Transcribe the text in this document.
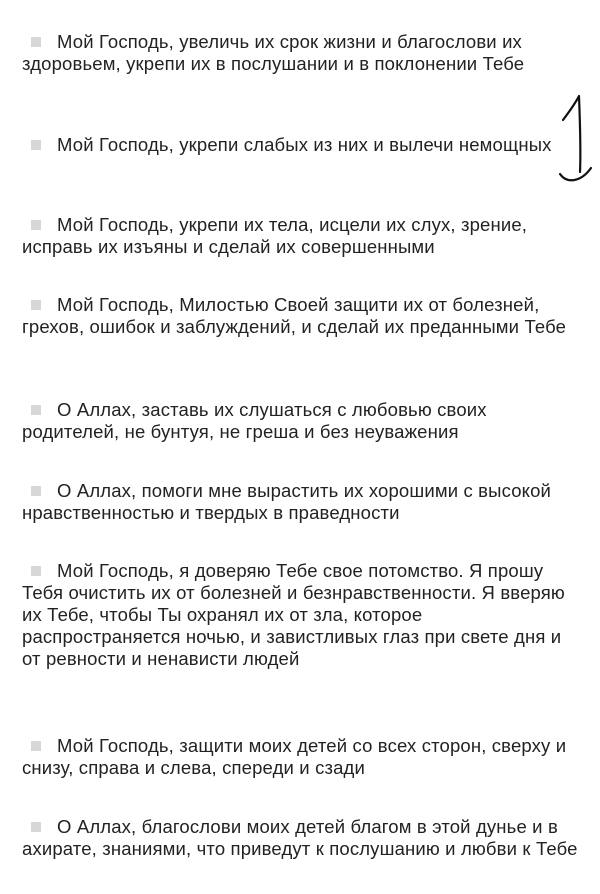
Мой Господь, увеличь их срок жизни и благослови их здоровьем, укрепи их в послушании и в поклонении Тебе
Мой Господь, укрепи слабых из них и вылечи немощных
Мой Господь, укрепи их тела, исцели их слух, зрение, исправь их изъяны и сделай их совершенными
Мой Господь, Милостью Своей защити их от болезней, грехов, ошибок и заблуждений, и сделай их преданными Тебе
О Аллах, заставь их слушаться с любовью своих родителей, не бунтуя, не греша и без неуважения
О Аллах, помоги мне вырастить их хорошими с высокой нравственностью и твердых в праведности
Мой Господь, я доверяю Тебе свое потомство. Я прошу Тебя очистить их от болезней и безнравственности. Я вверяю их Тебе, чтобы Ты охранял их от зла, которое распространяется ночью, и завистливых глаз при свете дня и от ревности и ненависти людей
Мой Господь, защити моих детей со всех сторон, сверху и снизу, справа и слева, спереди и сзади
О Аллах, благослови моих детей благом в этой дунье и в ахирате, знаниями, что приведут к послушанию и любви к Тебе
